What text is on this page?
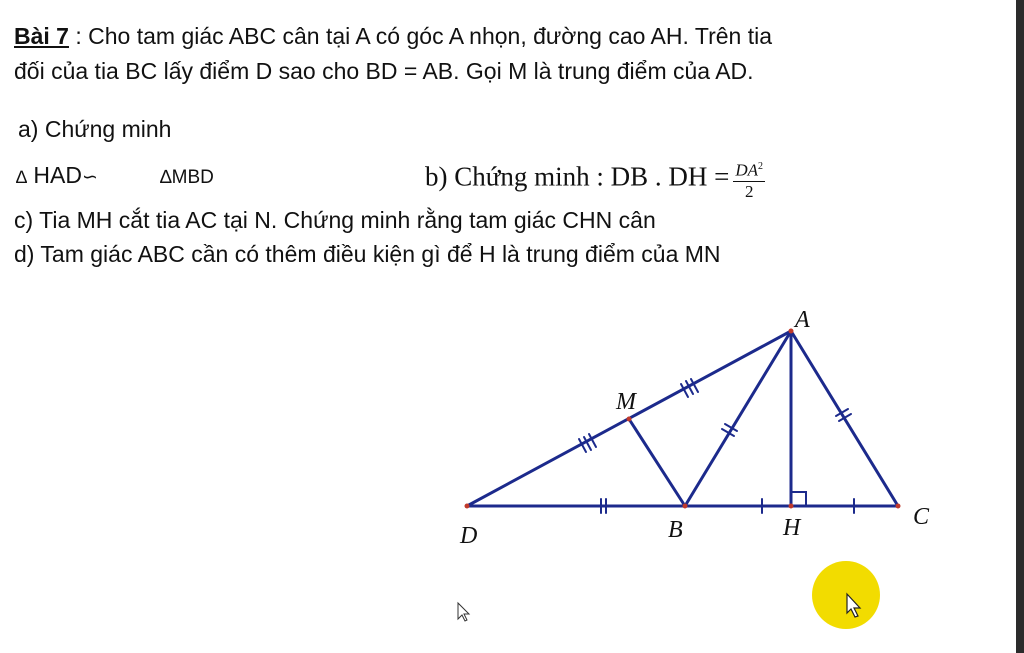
Bài 7 : Cho tam giác ABC cân tại A có góc A nhọn, đường cao AH. Trên tia
đối của tia BC lấy điểm D sao cho BD = AB. Gọi M là trung điểm của AD.
a) Chứng minh
∆ HAD∽	∆MBD	b) Chứng minh : DB . DH = $\frac{DA^2}{2}$
c) Tia MH cắt tia AC tại N. Chứng minh rằng tam giác CHN cân
d) Tam giác ABC cần có thêm điều kiện gì để H là trung điểm của MN
A
M
D	B	H	C
